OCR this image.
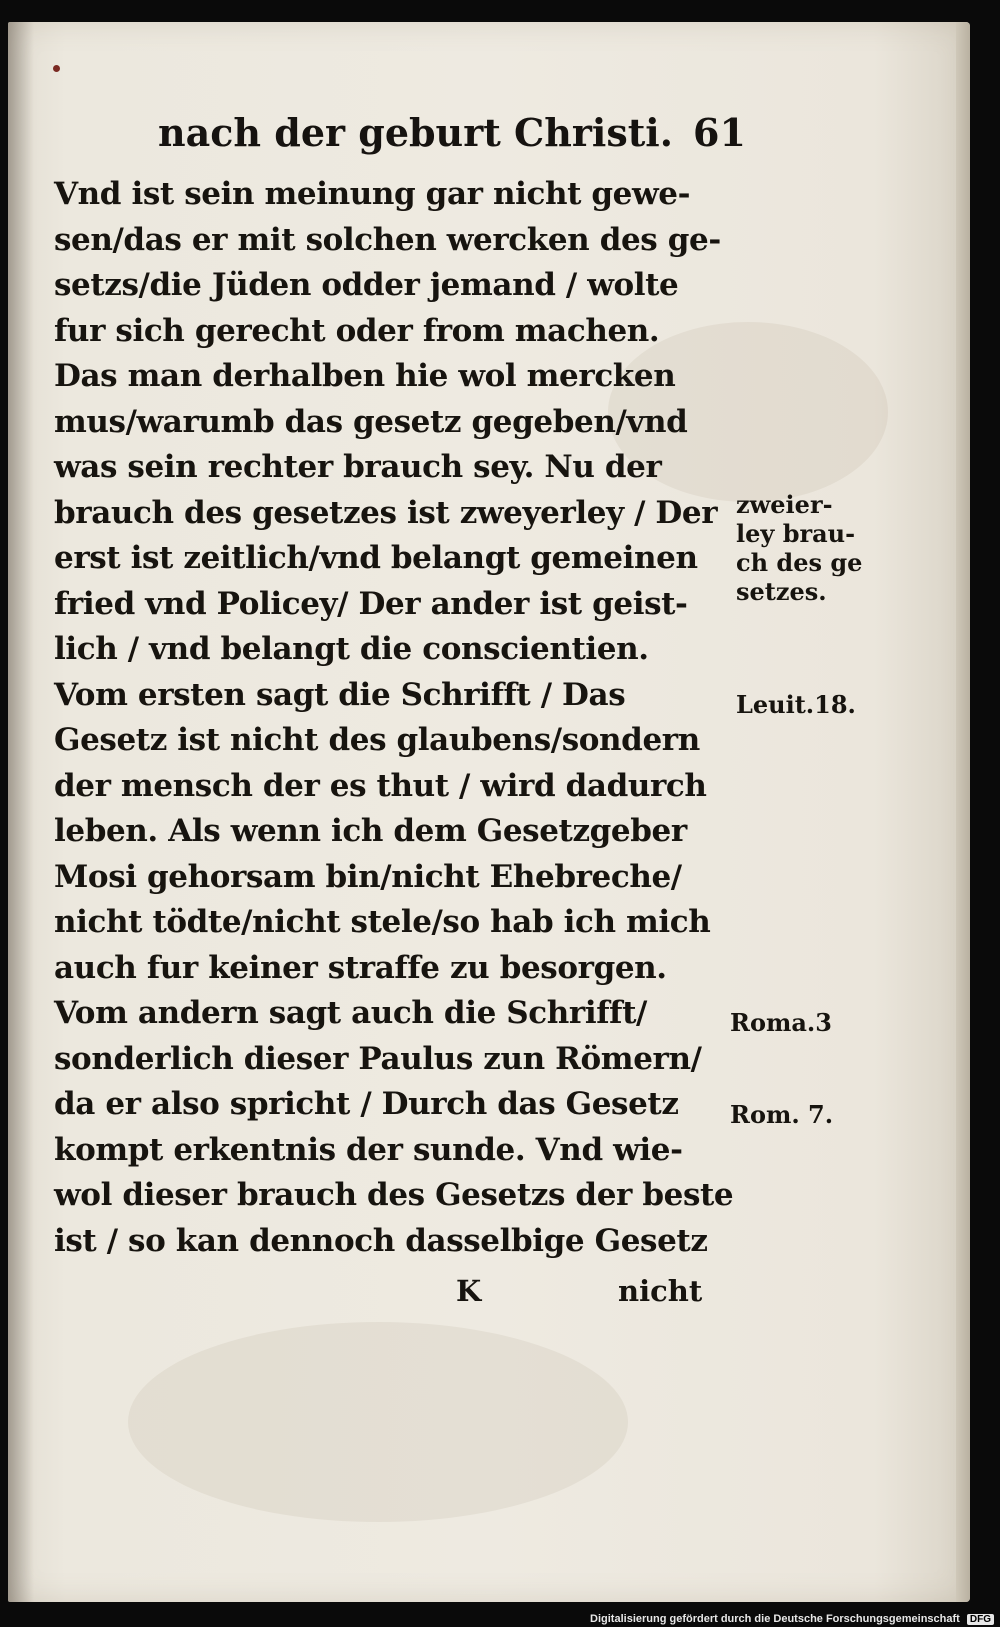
nach der geburt Christi. 61
Vnd ist sein meinung gar nicht gewe-
sen/das er mit solchen wercken des ge-
setzs/die Jüden odder jemand / wolte
fur sich gerecht oder from machen.
Das man derhalben hie wol mercken
mus/warumb das gesetz gegeben/vnd
was sein rechter brauch sey. Nu der
brauch des gesetzes ist zweyerley / Der
erst ist zeitlich/vnd belangt gemeinen
fried vnd Policey/ Der ander ist geist-
lich / vnd belangt die conscientien.
Vom ersten sagt die Schrifft / Das
Gesetz ist nicht des glaubens/sondern
der mensch der es thut / wird dadurch
leben. Als wenn ich dem Gesetzgeber
Mosi gehorsam bin/nicht Ehebreche/
nicht tödte/nicht stele/so hab ich mich
auch fur keiner straffe zu besorgen.
Vom andern sagt auch die Schrifft/
sonderlich dieser Paulus zun Römern/
da er also spricht / Durch das Gesetz
kompt erkentnis der sunde. Vnd wie-
wol dieser brauch des Gesetzs der beste
ist / so kan dennoch dasselbige Gesetz
zweier-
ley brau-
ch des ge
setzes.
Leuit.18.
Roma.3
Rom. 7.
K	nicht
Digitalisierung gefördert durch die Deutsche Forschungsgemeinschaft DFG
